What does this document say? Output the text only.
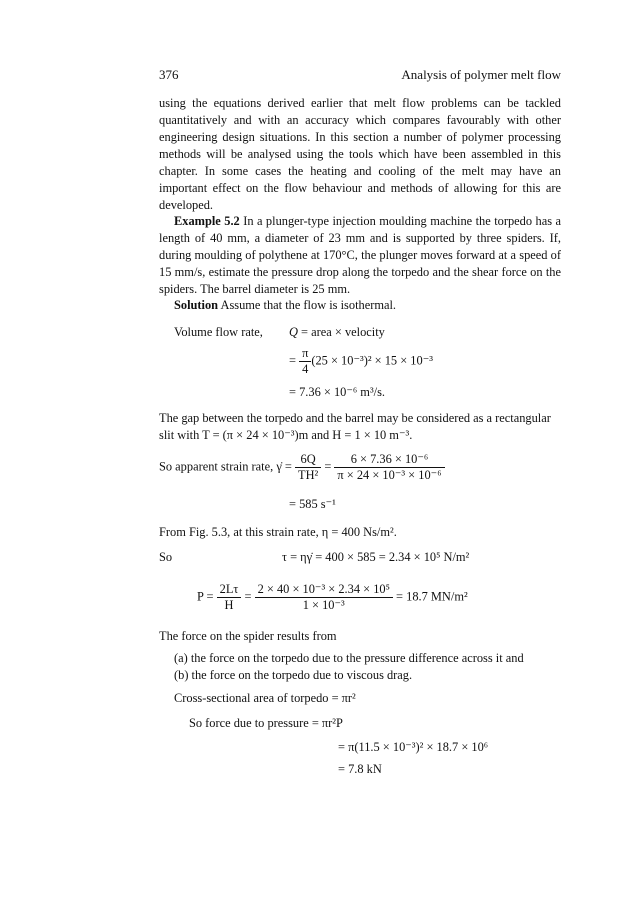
376	Analysis of polymer melt flow
using the equations derived earlier that melt flow problems can be tackled quantitatively and with an accuracy which compares favourably with other engineering design situations. In this section a number of polymer processing methods will be analysed using the tools which have been assembled in this chapter. In some cases the heating and cooling of the melt may have an important effect on the flow behaviour and methods of allowing for this are developed.
Example 5.2 In a plunger-type injection moulding machine the torpedo has a length of 40 mm, a diameter of 23 mm and is supported by three spiders. If, during moulding of polythene at 170°C, the plunger moves forward at a speed of 15 mm/s, estimate the pressure drop along the torpedo and the shear force on the spiders. The barrel diameter is 25 mm.
Solution Assume that the flow is isothermal.
Volume flow rate, Q = area × velocity
= $\frac{\pi}{4} (25 \times 10^{-3})^2 \times 15 \times 10^{-3}$
= 7.36 × 10⁻⁶ m³/s.
The gap between the torpedo and the barrel may be considered as a rectangular
slit with T = (π × 24 × 10⁻³)m and H = 1 × 10 m⁻³.
So apparent strain rate, γ̇ = $\frac{6Q}{\text{TH²}} = \frac{\text{6 × 7.36 × 10⁻⁶}}{\text{π × 24 × 10⁻³ × 10⁻⁶}}$
= 585 s⁻¹
From Fig. 5.3, at this strain rate, η = 400 Ns/m².
So	τ = ηγ̇ = 400 × 585 = 2.34 × 10⁵ N/m²
$P = \frac{2L\tau}{H} = \frac{\text{2 × 40 × 10⁻³ × 2.34 × 10⁵}}{\text{1 × 10⁻³}} = 18.7$ MN/m²
The force on the spider results from
(a) the force on the torpedo due to the pressure difference across it and
(b) the force on the torpedo due to viscous drag.
Cross-sectional area of torpedo = πr²
So force due to pressure = πr²P
= π(11.5 × 10⁻³)² × 18.7 × 10⁶
= 7.8 kN
